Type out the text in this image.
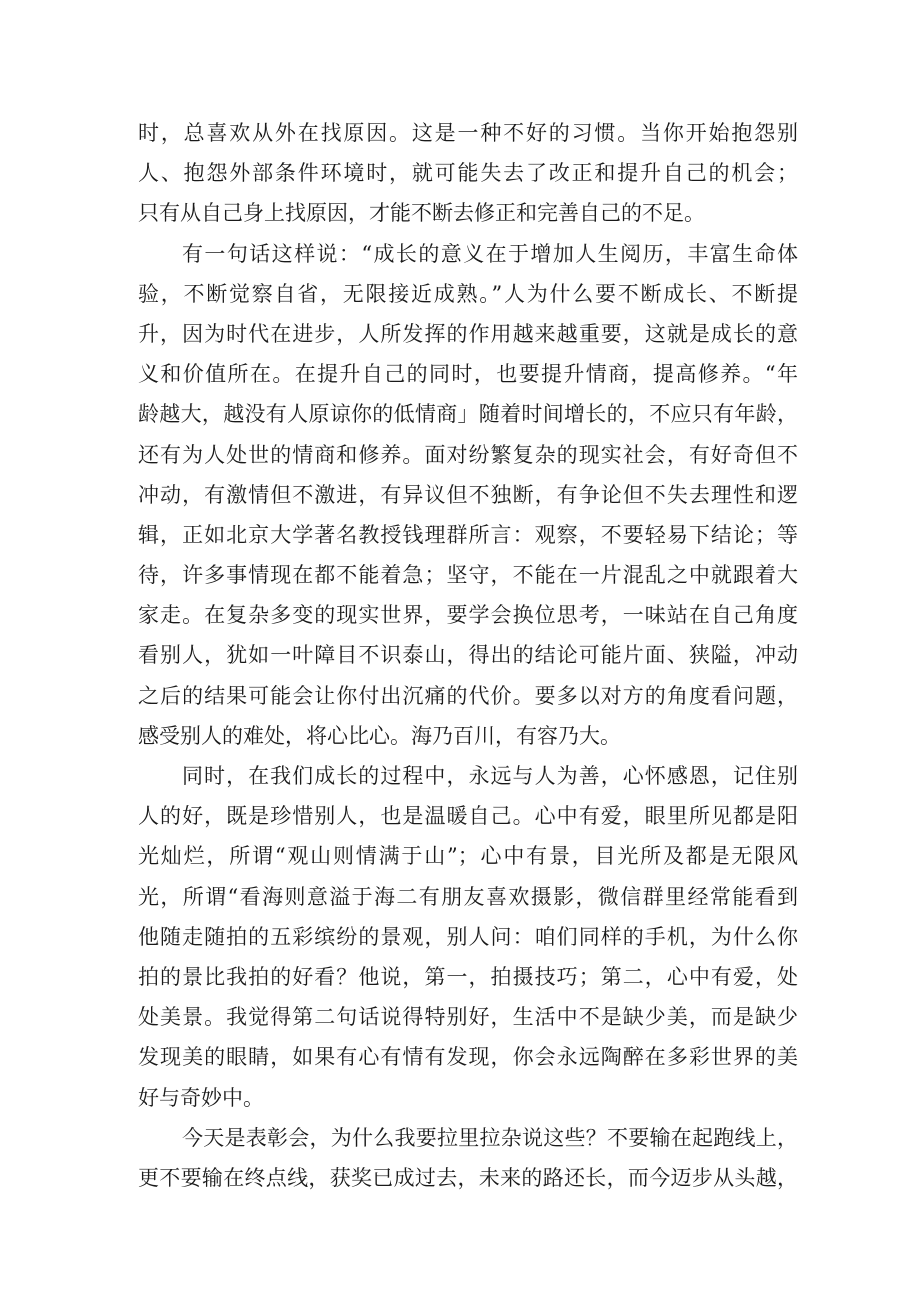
时，总喜欢从外在找原因。这是一种不好的习惯。当你开始抱怨别
人、抱怨外部条件环境时，就可能失去了改正和提升自己的机会；
只有从自己身上找原因，才能不断去修正和完善自己的不足。
有一句话这样说：“成长的意义在于增加人生阅历，丰富生命体
验，不断觉察自省，无限接近成熟。”人为什么要不断成长、不断提
升，因为时代在进步，人所发挥的作用越来越重要，这就是成长的意
义和价值所在。在提升自己的同时，也要提升情商，提高修养。“年
龄越大，越没有人原谅你的低情商」随着时间增长的，不应只有年龄，
还有为人处世的情商和修养。面对纷繁复杂的现实社会，有好奇但不
冲动，有激情但不激进，有异议但不独断，有争论但不失去理性和逻
辑，正如北京大学著名教授钱理群所言：观察，不要轻易下结论；等
待，许多事情现在都不能着急；坚守，不能在一片混乱之中就跟着大
家走。在复杂多变的现实世界，要学会换位思考，一味站在自己角度
看别人，犹如一叶障目不识泰山，得出的结论可能片面、狭隘，冲动
之后的结果可能会让你付出沉痛的代价。要多以对方的角度看问题，
感受别人的难处，将心比心。海乃百川，有容乃大。
同时，在我们成长的过程中，永远与人为善，心怀感恩，记住别
人的好，既是珍惜别人，也是温暖自己。心中有爱，眼里所见都是阳
光灿烂，所谓“观山则情满于山”；心中有景，目光所及都是无限风
光，所谓“看海则意溢于海二有朋友喜欢摄影，微信群里经常能看到
他随走随拍的五彩缤纷的景观，别人问：咱们同样的手机，为什么你
拍的景比我拍的好看？他说，第一，拍摄技巧；第二，心中有爱，处
处美景。我觉得第二句话说得特别好，生活中不是缺少美，而是缺少
发现美的眼睛，如果有心有情有发现，你会永远陶醉在多彩世界的美
好与奇妙中。
今天是表彰会，为什么我要拉里拉杂说这些？不要输在起跑线上，
更不要输在终点线，获奖已成过去，未来的路还长，而今迈步从头越，
